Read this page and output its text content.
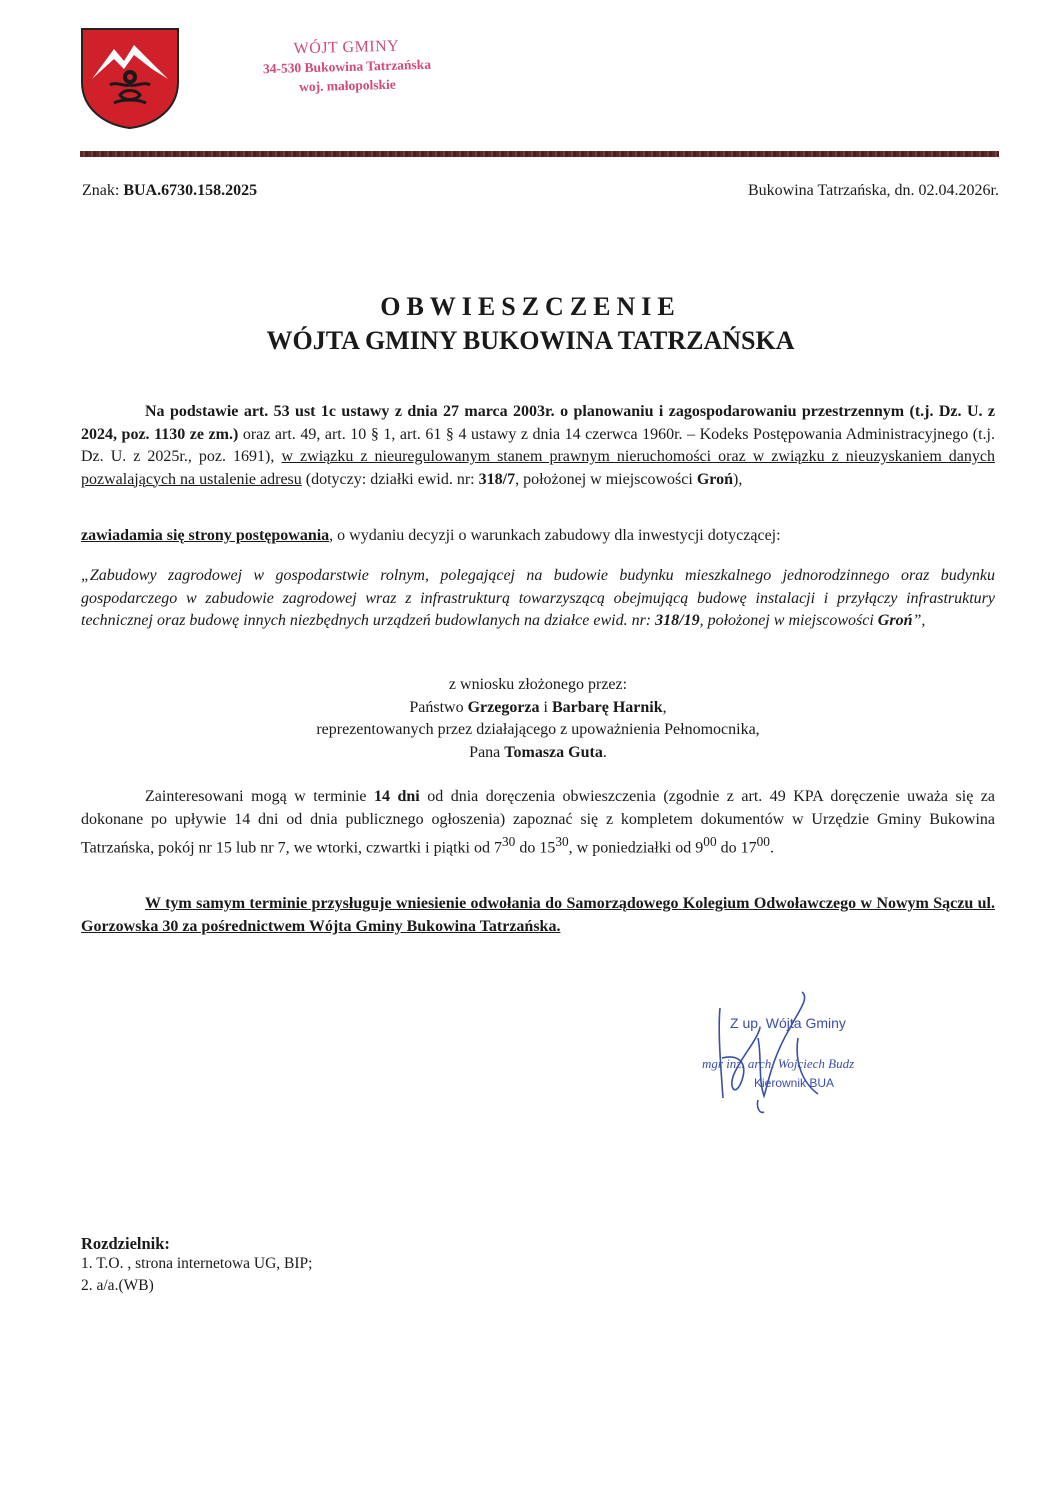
WÓJT GMINY
34-530 Bukowina Tatrzańska
woj. małopolskie
Znak: BUA.6730.158.2025	Bukowina Tatrzańska, dn. 02.04.2026r.
OBWIESZCZENIE
WÓJTA GMINY BUKOWINA TATRZAŃSKA

Na podstawie art. 53 ust 1c ustawy z dnia 27 marca 2003r. o planowaniu i zagospodarowaniu przestrzennym (t.j. Dz. U. z 2024, poz. 1130 ze zm.) oraz art. 49, art. 10 § 1, art. 61 § 4 ustawy z dnia 14 czerwca 1960r. – Kodeks Postępowania Administracyjnego (t.j. Dz. U. z 2025r., poz. 1691), w związku z nieuregulowanym stanem prawnym nieruchomości oraz w związku z nieuzyskaniem danych pozwalających na ustalenie adresu (dotyczy: działki ewid. nr: 318/7, położonej w miejscowości Groń),

zawiadamia się strony postępowania, o wydaniu decyzji o warunkach zabudowy dla inwestycji dotyczącej:

„Zabudowy zagrodowej w gospodarstwie rolnym, polegającej na budowie budynku mieszkalnego jednorodzinnego oraz budynku gospodarczego w zabudowie zagrodowej wraz z infrastrukturą towarzyszącą obejmującą budowę instalacji i przyłączy infrastruktury technicznej oraz budowę innych niezbędnych urządzeń budowlanych na działce ewid. nr: 318/19, położonej w miejscowości Groń”,

z wniosku złożonego przez:
Państwo Grzegorza i Barbarę Harnik,
reprezentowanych przez działającego z upoważnienia Pełnomocnika,
Pana Tomasza Guta.

Zainteresowani mogą w terminie 14 dni od dnia doręczenia obwieszczenia (zgodnie z art. 49 KPA doręczenie uważa się za dokonane po upływie 14 dni od dnia publicznego ogłoszenia) zapoznać się z kompletem dokumentów w Urzędzie Gminy Bukowina Tatrzańska, pokój nr 15 lub nr 7, we wtorki, czwartki i piątki od $7^{30}$ do $15^{30}$, w poniedziałki od $9^{00}$ do $17^{00}$.

W tym samym terminie przysługuje wniesienie odwołania do Samorządowego Kolegium Odwoławczego w Nowym Sączu ul. Gorzowska 30 za pośrednictwem Wójta Gminy Bukowina Tatrzańska.

Z up. Wójta Gminy
mgr inż. arch. Wojciech Budz
Kierownik BUA
Rozdzielnik:
1. T.O. , strona internetowa UG, BIP;
2. a/a.(WB)
